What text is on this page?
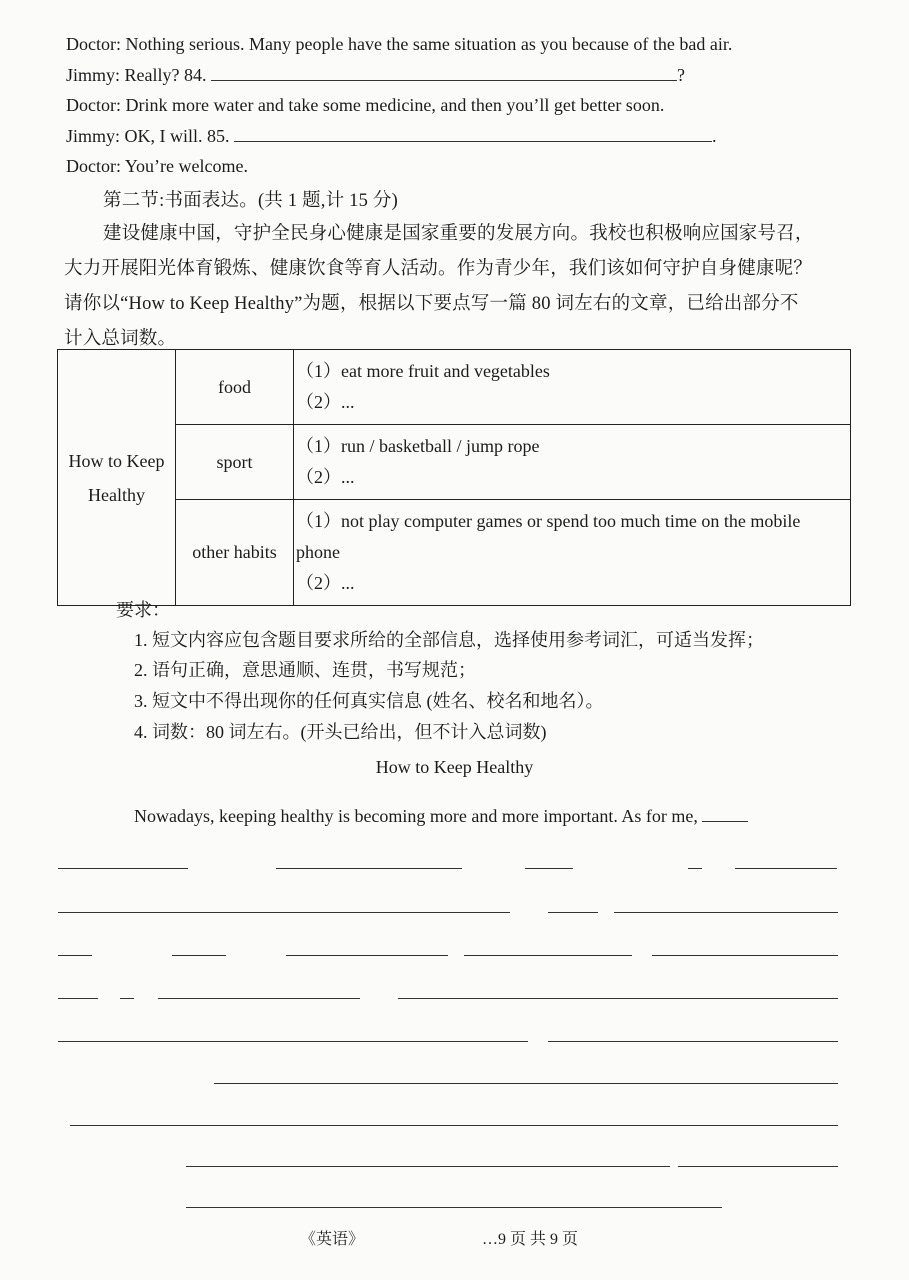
Doctor: Nothing serious. Many people have the same situation as you because of the bad air.
Jimmy: Really? 84.	?
Doctor: Drink more water and take some medicine, and then you’ll get better soon.
Jimmy: OK, I will. 85.	.
Doctor: You’re welcome.
第二节:书面表达。(共 1 题,计 15 分)
建设健康中国，守护全民身心健康是国家重要的发展方向。我校也积极响应国家号召，
大力开展阳光体育锻炼、健康饮食等育人活动。作为青少年，我们该如何守护自身健康呢？
请你以“How to Keep Healthy”为题，根据以下要点写一篇 80 词左右的文章，已给出部分不
计入总词数。
How to Keep Healthy	food	（1）eat more fruit and vegetables
（2）...

	sport	（1）run / basketball / jump rope
（2）...

	other habits	（1）not play computer games or spend too much time on the mobile phone
（2）...
要求：
1. 短文内容应包含题目要求所给的全部信息，选择使用参考词汇，可适当发挥；
2. 语句正确，意思通顺、连贯，书写规范；
3. 短文中不得出现你的任何真实信息 (姓名、校名和地名）。
4. 词数：80 词左右。(开头已给出，但不计入总词数)
How to Keep Healthy
Nowadays, keeping healthy is becoming more and more important. As for me,
《英语》	…9 页 共 9 页
